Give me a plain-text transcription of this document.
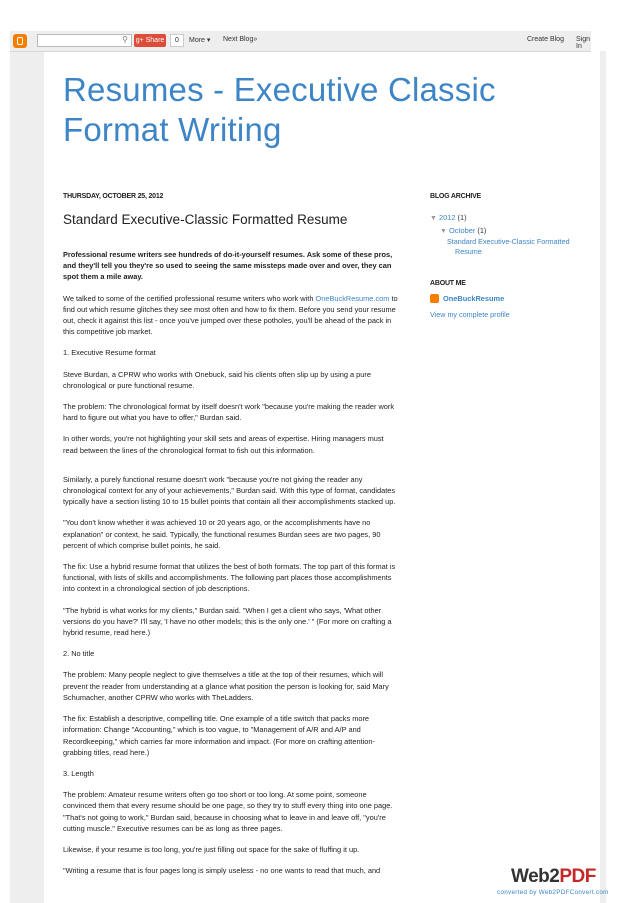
⚲ g+ Share	0	More ▾ Next Blog»	Create Blog Sign In
Resumes - Executive Classic
Format Writing
THURSDAY, OCTOBER 25, 2012
Standard Executive-Classic Formatted Resume

Professional resume writers see hundreds of do-it-yourself resumes. Ask some of these pros, and they'll tell you they're so used to seeing the same missteps made over and over, they can spot them a mile away.

We talked to some of the certified professional resume writers who work with OneBuckResume.com to find out which resume glitches they see most often and how to fix them. Before you send your resume out, check it against this list - once you've jumped over these potholes, you'll be ahead of the pack in this competitive job market.

1. Executive Resume format

Steve Burdan, a CPRW who works with Onebuck, said his clients often slip up by using a pure chronological or pure functional resume.

The problem: The chronological format by itself doesn't work "because you're making the reader work hard to figure out what you have to offer," Burdan said.

In other words, you're not highlighting your skill sets and areas of expertise. Hiring managers must read between the lines of the chronological format to fish out this information.

Similarly, a purely functional resume doesn't work "because you're not giving the reader any chronological context for any of your achievements," Burdan said. With this type of format, candidates typically have a section listing 10 to 15 bullet points that contain all their accomplishments stacked up.

"You don't know whether it was achieved 10 or 20 years ago, or the accomplishments have no explanation" or context, he said. Typically, the functional resumes Burdan sees are two pages, 90 percent of which comprise bullet points, he said.

The fix: Use a hybrid resume format that utilizes the best of both formats. The top part of this format is functional, with lists of skills and accomplishments. The following part places those accomplishments into context in a chronological section of job descriptions.

"The hybrid is what works for my clients," Burdan said. "When I get a client who says, 'What other versions do you have?' I'll say, 'I have no other models; this is the only one.' " (For more on crafting a hybrid resume, read here.)

2. No title

The problem: Many people neglect to give themselves a title at the top of their resumes, which will prevent the reader from understanding at a glance what position the person is looking for, said Mary Schumacher, another CPRW who works with TheLadders.

The fix: Establish a descriptive, compelling title. One example of a title switch that packs more information: Change "Accounting," which is too vague, to "Management of A/R and A/P and Recordkeeping," which carries far more information and impact. (For more on crafting attention-grabbing titles, read here.)

3. Length

The problem: Amateur resume writers often go too short or too long. At some point, someone convinced them that every resume should be one page, so they try to stuff every thing into one page. "That's not going to work," Burdan said, because in choosing what to leave in and leave off, "you're cutting muscle." Executive resumes can be as long as three pages.

Likewise, if your resume is too long, you're just filling out space for the sake of fluffing it up.

"Writing a resume that is four pages long is simply useless - no one wants to read that much, and

BLOG ARCHIVE
▼ 2012 (1)
▼ October (1)
Standard Executive-Classic Formatted
Resume
ABOUT ME
OneBuckResume
View my complete profile
Web2PDF
converted by Web2PDFConvert.com
